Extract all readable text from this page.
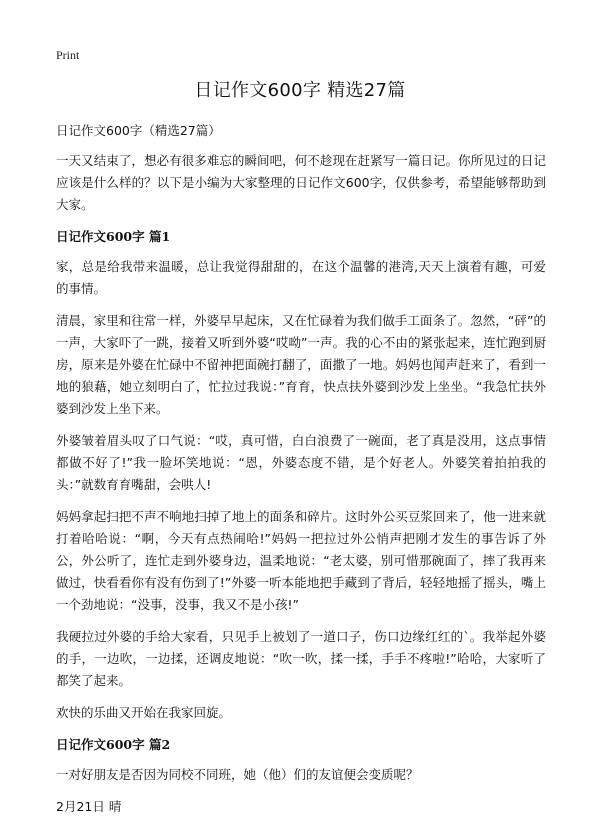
Print
日记作文600字 精选27篇

日记作文600字（精选27篇）

一天又结束了，想必有很多难忘的瞬间吧，何不趁现在赶紧写一篇日记。你所见过的日记应该是什么样的？以下是小编为大家整理的日记作文600字，仅供参考，希望能够帮助到大家。

日记作文600字 篇1

家，总是给我带来温暖，总让我觉得甜甜的，在这个温馨的港湾,天天上演着有趣，可爱的事情。

清晨，家里和往常一样，外婆早早起床，又在忙碌着为我们做手工面条了。忽然，“砰”的一声，大家吓了一跳，接着又听到外婆“哎呦”一声。我的心不由的紧张起来，连忙跑到厨房，原来是外婆在忙碌中不留神把面碗打翻了，面撒了一地。妈妈也闻声赶来了，看到一地的狼藉，她立刻明白了，忙拉过我说：”育育，快点扶外婆到沙发上坐坐。“我急忙扶外婆到沙发上坐下来。

外婆皱着眉头叹了口气说：“哎，真可惜，白白浪费了一碗面，老了真是没用，这点事情都做不好了!”我一脸坏笑地说：“恩，外婆态度不错，是个好老人。外婆笑着拍拍我的头：”就数育育嘴甜，会哄人!

妈妈拿起扫把不声不响地扫掉了地上的面条和碎片。这时外公买豆浆回来了，他一进来就打着哈哈说：“啊，今天有点热闹哈!”妈妈一把拉过外公悄声把刚才发生的事告诉了外公，外公听了，连忙走到外婆身边，温柔地说：“老太婆，别可惜那碗面了，摔了我再来做过，快看看你有没有伤到了!”外婆一听本能地把手藏到了背后，轻轻地摇了摇头，嘴上一个劲地说：“没事，没事，我又不是小孩!”

我硬拉过外婆的手给大家看，只见手上被划了一道口子，伤口边缘红红的`。我举起外婆的手，一边吹，一边揉，还调皮地说：“吹一吹，揉一揉，手手不疼啦!”哈哈，大家听了都笑了起来。

欢快的乐曲又开始在我家回旋。

日记作文600字 篇2

一对好朋友是否因为同校不同班，她（他）们的友谊便会变质呢？

2月21日 晴
